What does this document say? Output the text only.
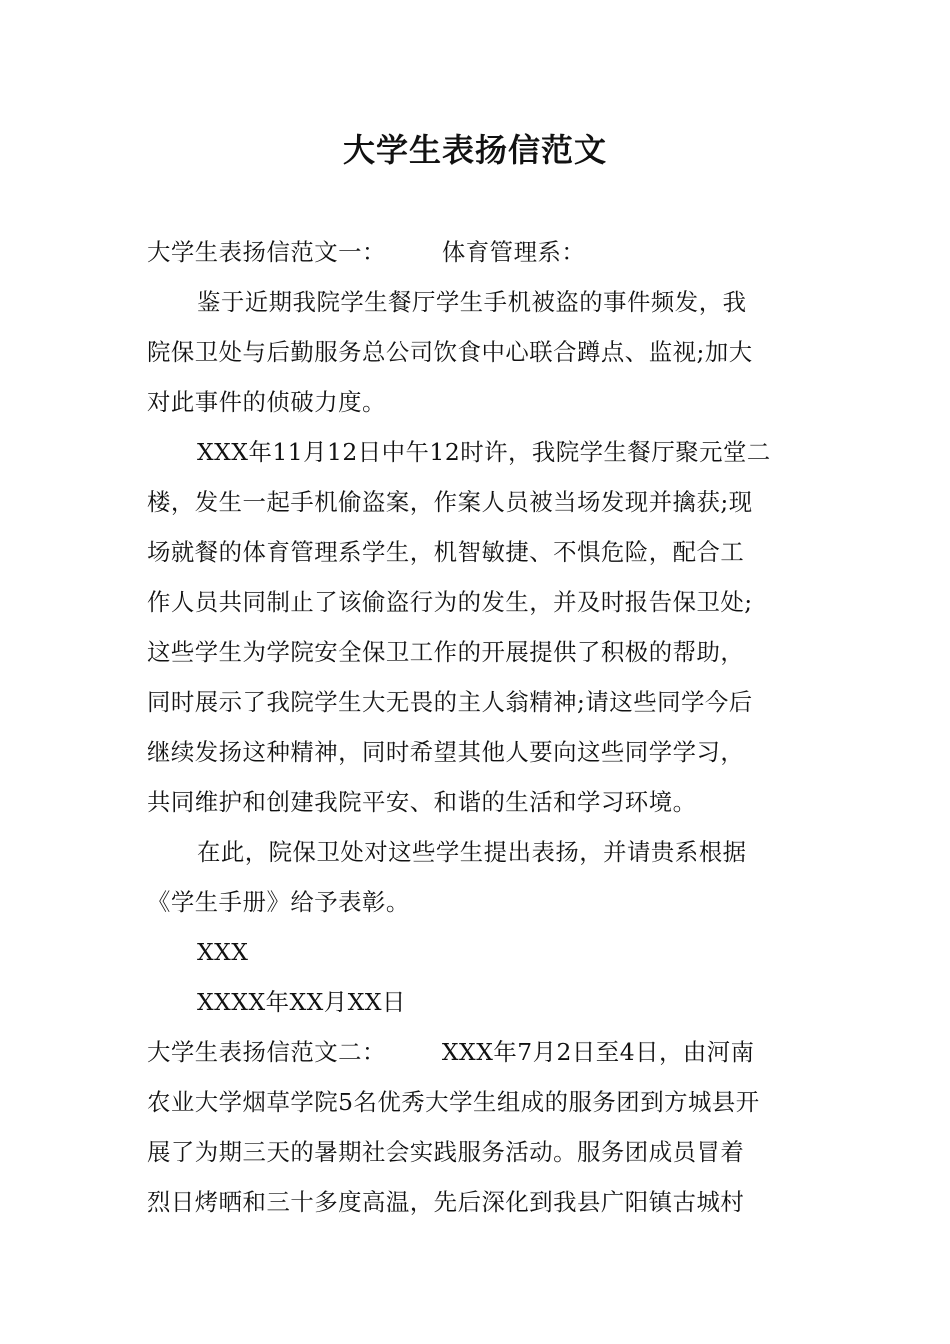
大学生表扬信范文
大学生表扬信范文一： 体育管理系：
鉴于近期我院学生餐厅学生手机被盗的事件频发，我
院保卫处与后勤服务总公司饮食中心联合蹲点、监视;加大
对此事件的侦破力度。
XXX年11月12日中午12时许，我院学生餐厅聚元堂二
楼，发生一起手机偷盗案，作案人员被当场发现并擒获;现
场就餐的体育管理系学生，机智敏捷、不惧危险，配合工
作人员共同制止了该偷盗行为的发生，并及时报告保卫处;
这些学生为学院安全保卫工作的开展提供了积极的帮助，
同时展示了我院学生大无畏的主人翁精神;请这些同学今后
继续发扬这种精神，同时希望其他人要向这些同学学习，
共同维护和创建我院平安、和谐的生活和学习环境。
在此，院保卫处对这些学生提出表扬，并请贵系根据
《学生手册》给予表彰。
XXX
XXXX年XX月XX日
大学生表扬信范文二： XXX年7月2日至4日，由河南
农业大学烟草学院5名优秀大学生组成的服务团到方城县开
展了为期三天的暑期社会实践服务活动。服务团成员冒着
烈日烤晒和三十多度高温，先后深化到我县广阳镇古城村
